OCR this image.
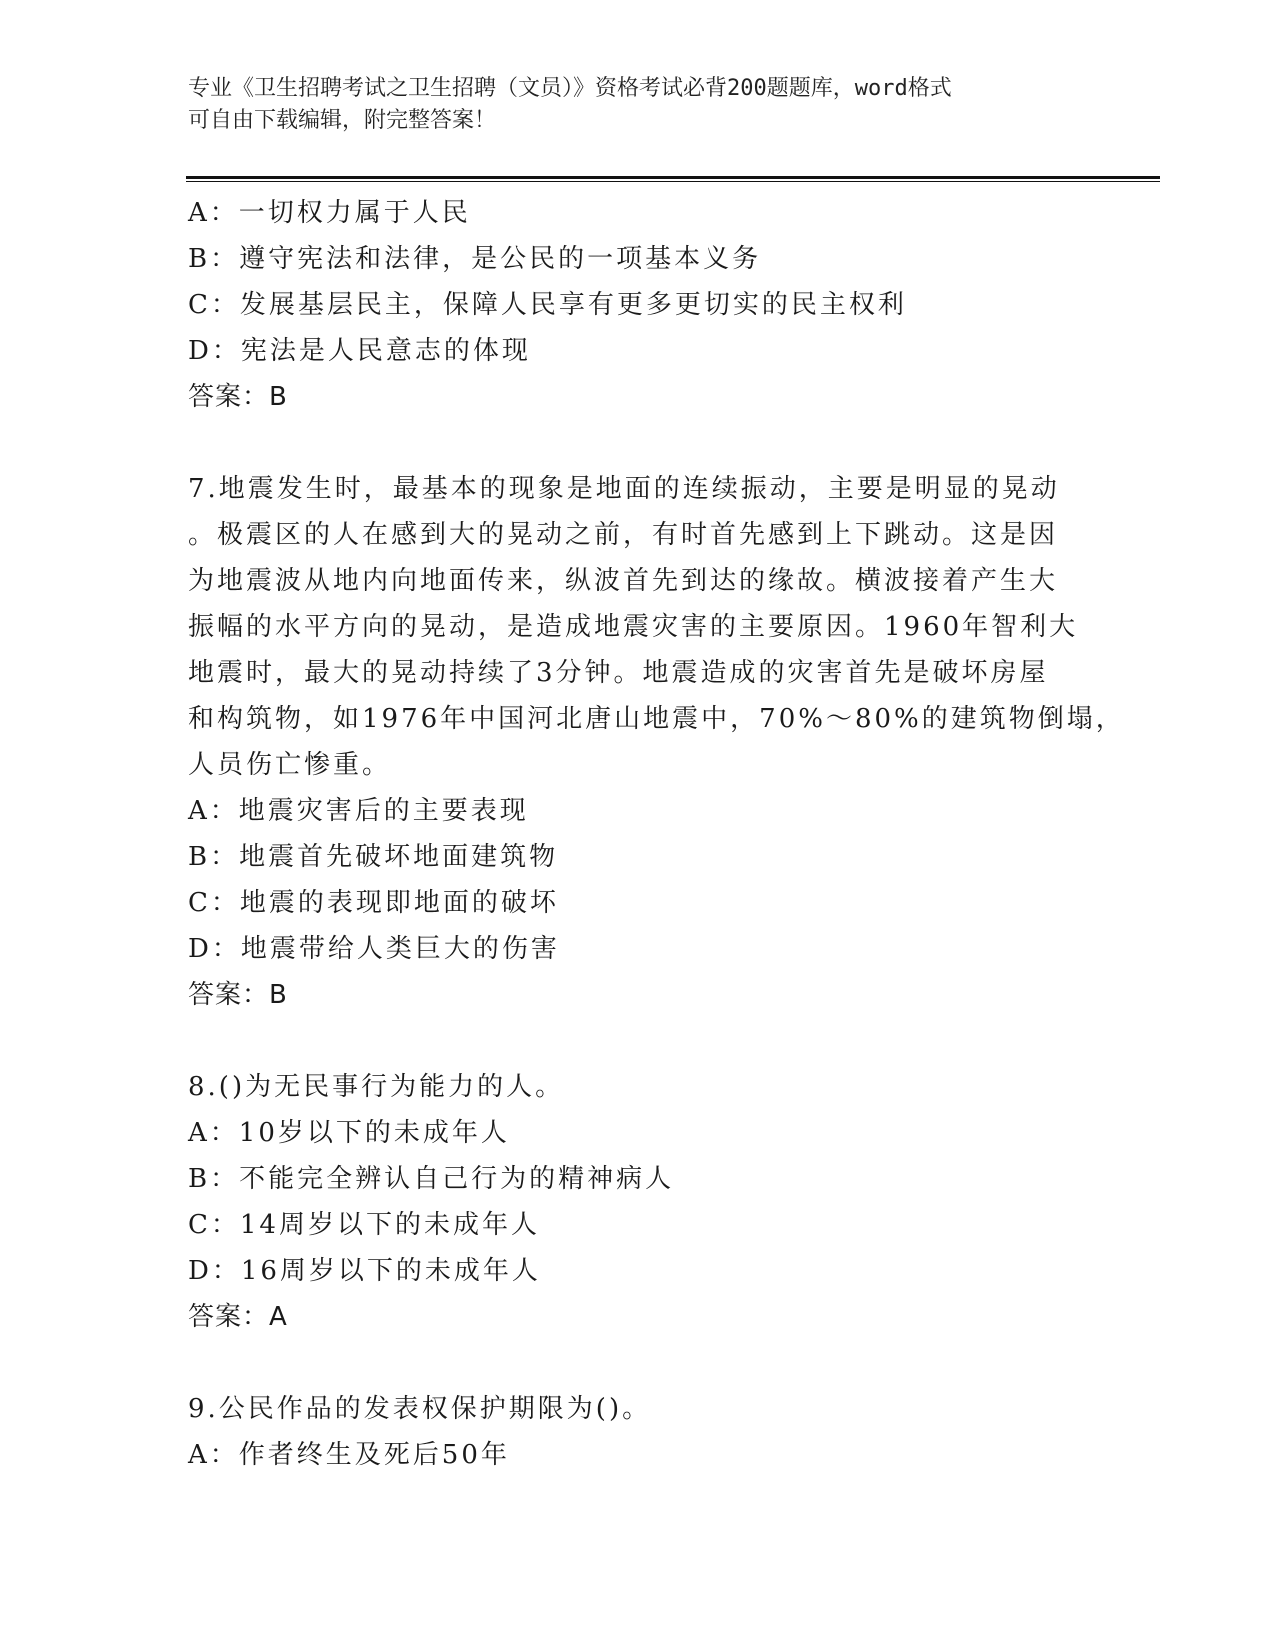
专业《卫生招聘考试之卫生招聘（文员）》资格考试必背200题题库，word格式
可自由下载编辑，附完整答案！

A：一切权力属于人民

B：遵守宪法和法律，是公民的一项基本义务

C：发展基层民主，保障人民享有更多更切实的民主权利

D：宪法是人民意志的体现

答案：B

7.地震发生时，最基本的现象是地面的连续振动，主要是明显的晃动

。极震区的人在感到大的晃动之前，有时首先感到上下跳动。这是因

为地震波从地内向地面传来，纵波首先到达的缘故。横波接着产生大

振幅的水平方向的晃动，是造成地震灾害的主要原因。1960年智利大

地震时，最大的晃动持续了3分钟。地震造成的灾害首先是破坏房屋

和构筑物，如1976年中国河北唐山地震中，70%～80%的建筑物倒塌，

人员伤亡惨重。

A：地震灾害后的主要表现

B：地震首先破坏地面建筑物

C：地震的表现即地面的破坏

D：地震带给人类巨大的伤害

答案：B

8.()为无民事行为能力的人。

A：10岁以下的未成年人

B：不能完全辨认自己行为的精神病人

C：14周岁以下的未成年人

D：16周岁以下的未成年人

答案：A

9.公民作品的发表权保护期限为()。

A：作者终生及死后50年
